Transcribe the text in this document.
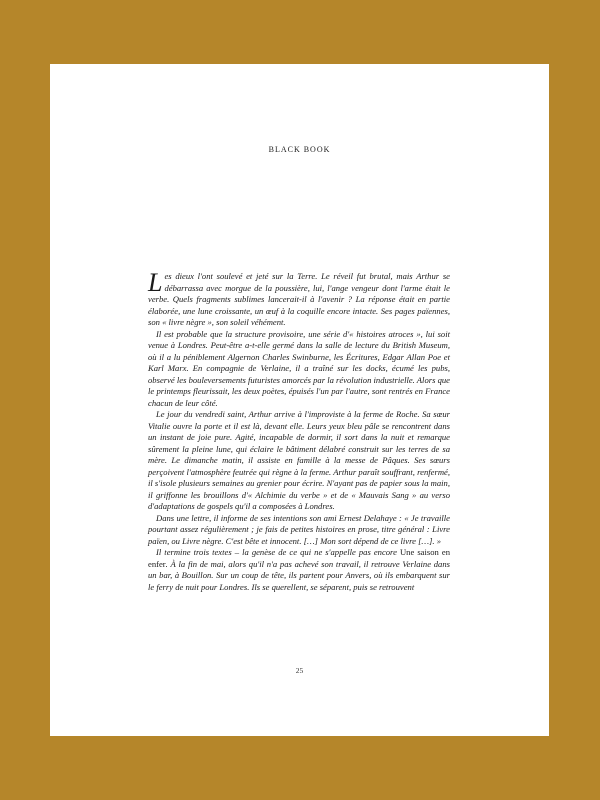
BLACK BOOK

Les dieux l'ont soulevé et jeté sur la Terre. Le réveil fut brutal, mais Arthur se débarrassa avec morgue de la poussière, lui, l'ange vengeur dont l'arme était le verbe. Quels fragments sublimes lancerait-il à l'avenir ? La réponse était en partie élaborée, une lune croissante, un œuf à la coquille encore intacte. Ses pages païennes, son « livre nègre », son soleil véhément.

Il est probable que la structure provisoire, une série d'« histoires atroces », lui soit venue à Londres. Peut-être a-t-elle germé dans la salle de lecture du British Museum, où il a lu péniblement Algernon Charles Swinburne, les Écritures, Edgar Allan Poe et Karl Marx. En compagnie de Verlaine, il a traîné sur les docks, écumé les pubs, observé les bouleversements futuristes amorcés par la révolution industrielle. Alors que le printemps fleurissait, les deux poètes, épuisés l'un par l'autre, sont rentrés en France chacun de leur côté.

Le jour du vendredi saint, Arthur arrive à l'improviste à la ferme de Roche. Sa sœur Vitalie ouvre la porte et il est là, devant elle. Leurs yeux bleu pâle se rencontrent dans un instant de joie pure. Agité, incapable de dormir, il sort dans la nuit et remarque sûrement la pleine lune, qui éclaire le bâtiment délabré construit sur les terres de sa mère. Le dimanche matin, il assiste en famille à la messe de Pâques. Ses sœurs perçoivent l'atmosphère feutrée qui règne à la ferme. Arthur paraît souffrant, renfermé, il s'isole plusieurs semaines au grenier pour écrire. N'ayant pas de papier sous la main, il griffonne les brouillons d'« Alchimie du verbe » et de « Mauvais Sang » au verso d'adaptations de gospels qu'il a composées à Londres.

Dans une lettre, il informe de ses intentions son ami Ernest Delahaye : « Je travaille pourtant assez régulièrement ; je fais de petites histoires en prose, titre général : Livre païen, ou Livre nègre. C'est bête et innocent. […] Mon sort dépend de ce livre […]. »

Il termine trois textes – la genèse de ce qui ne s'appelle pas encore Une saison en enfer. À la fin de mai, alors qu'il n'a pas achevé son travail, il retrouve Verlaine dans un bar, à Bouillon. Sur un coup de tête, ils partent pour Anvers, où ils embarquent sur le ferry de nuit pour Londres. Ils se querellent, se séparent, puis se retrouvent

25
